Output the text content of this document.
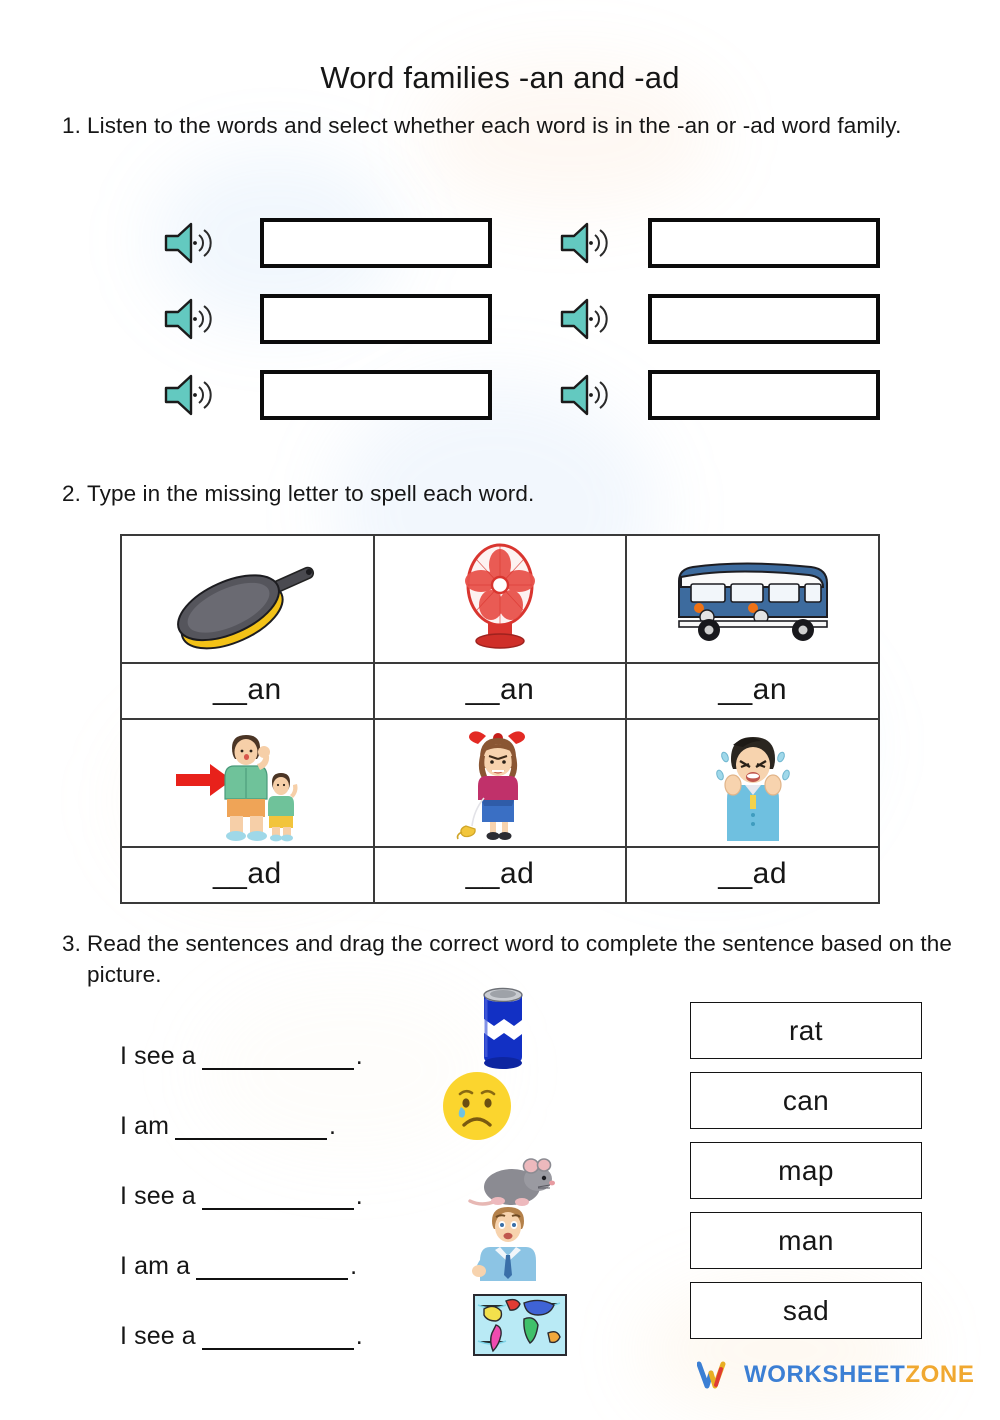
Word families -an and -ad
1. Listen to the words and select whether each word is in the -an or -ad word family.
2. Type in the missing letter to spell each word.

__an	__an	__an

__ad	__ad	__ad
3. Read the sentences and drag the correct word to complete the sentence based on the picture.
I see a	.
I am	.
I see a	.
I am a	.
I see a	.
rat
can
map
man
sad
WORKSHEETZONE
